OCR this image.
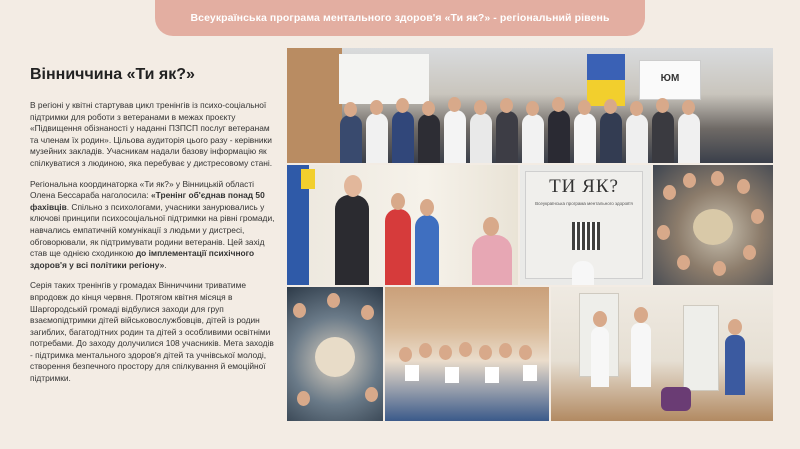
Всеукраїнська програма ментального здоров'я «Ти як?» - регіональний рівень
Вінниччина «Ти як?»

В регіоні у квітні стартував цикл тренінгів із психо-соціальної підтримки для роботи з ветеранами в межах проєкту «Підвищення обізнаності у наданні ПЗПСП послуг ветеранам та членам їх родин». Цільова аудиторія цього разу - керівники музейних закладів. Учасникам надали базову інформацію як спілкуватися з людиною, яка перебуває у дистресовому стані.

Регіональна координаторка «Ти як?» у Вінницькій області Олена Бессараба наголосила: «Тренінг об'єднав понад 50 фахівців. Спільно з психологами, учасники занурювались у ключові принципи психосоціальної підтримки на рівні громади, навчались емпатичній комунікації з людьми у дистресі, обговорювали, як підтримувати родини ветеранів. Цей захід став ще однією сходинкою до імплементації психічного здоров'я у всі політики регіону».

Серія таких тренінгів у громадах Вінниччини триватиме впродовж до кінця червня. Протягом квітня місяця в Шаргородській громаді відбулися заходи для груп взаємопідтримки дітей військовослужбовців, дітей із родин загиблих, багатодітних родин та дітей з особливими освітніми потребами. До заходу долучилися 108 учасників. Мета заходів - підтримка ментального здоров'я дітей та учнівської молоді, створення безпечного простору для спілкування й емоційної підтримки.

ЮМ
ТИ ЯК?
Всеукраїнська програма ментального здоров'я
